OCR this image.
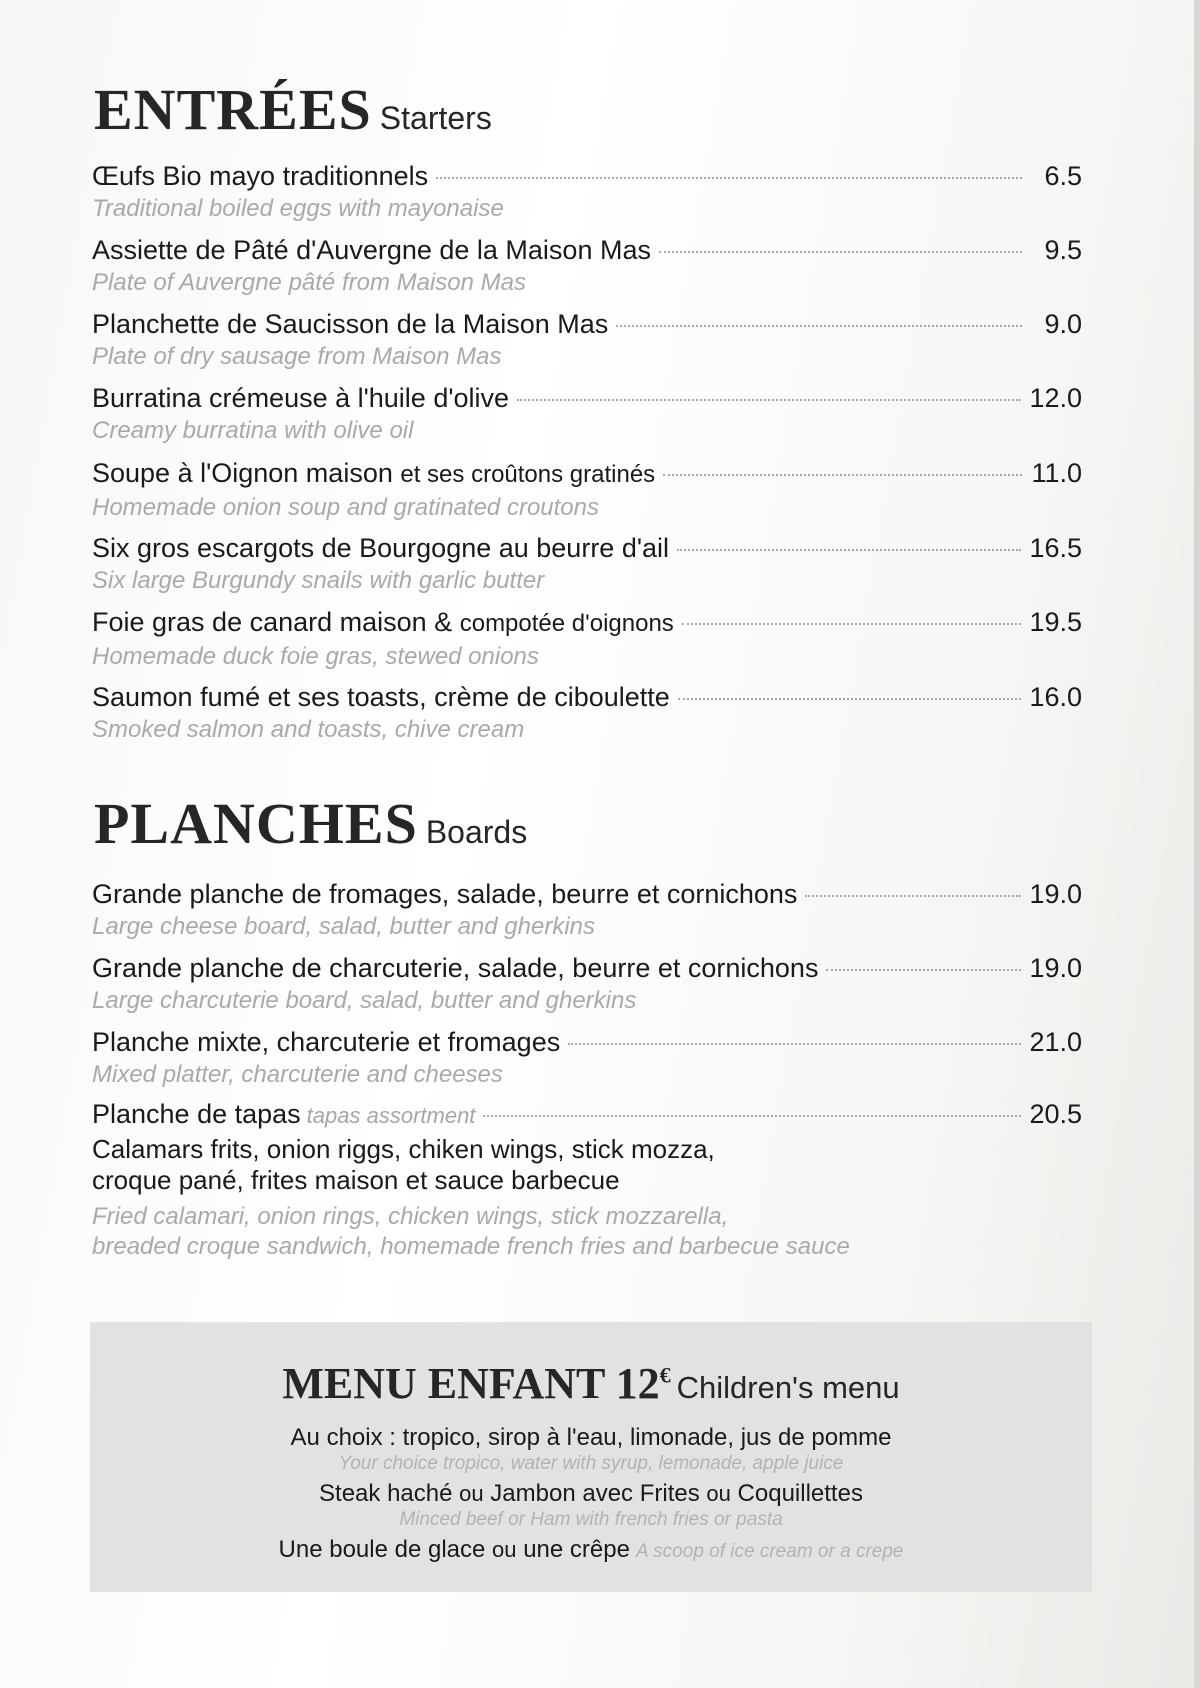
ENTRÉES Starters
Œufs Bio mayo traditionnels	6.5
Traditional boiled eggs with mayonaise
Assiette de Pâté d'Auvergne de la Maison Mas	9.5
Plate of Auvergne pâté from Maison Mas
Planchette de Saucisson de la Maison Mas	9.0
Plate of dry sausage from Maison Mas
Burratina crémeuse à l'huile d'olive	12.0
Creamy burratina with olive oil
Soupe à l'Oignon maison et ses croûtons gratinés	11.0
Homemade onion soup and gratinated croutons
Six gros escargots de Bourgogne au beurre d'ail	16.5
Six large Burgundy snails with garlic butter
Foie gras de canard maison & compotée d'oignons	19.5
Homemade duck foie gras, stewed onions
Saumon fumé et ses toasts, crème de ciboulette	16.0
Smoked salmon and toasts, chive cream
PLANCHES Boards
Grande planche de fromages, salade, beurre et cornichons	19.0
Large cheese board, salad, butter and gherkins
Grande planche de charcuterie, salade, beurre et cornichons	19.0
Large charcuterie board, salad, butter and gherkins
Planche mixte, charcuterie et fromages	21.0
Mixed platter, charcuterie and cheeses
Planche de tapas tapas assortment	20.5
Calamars frits, onion riggs, chiken wings, stick mozza,
croque pané, frites maison et sauce barbecue
Fried calamari, onion rings, chicken wings, stick mozzarella,
breaded croque sandwich, homemade french fries and barbecue sauce
MENU ENFANT 12€ Children's menu
Au choix : tropico, sirop à l'eau, limonade, jus de pomme
Your choice tropico, water with syrup, lemonade, apple juice
Steak haché ou Jambon avec Frites ou Coquillettes
Minced beef or Ham with french fries or pasta
Une boule de glace ou une crêpe A scoop of ice cream or a crepe
